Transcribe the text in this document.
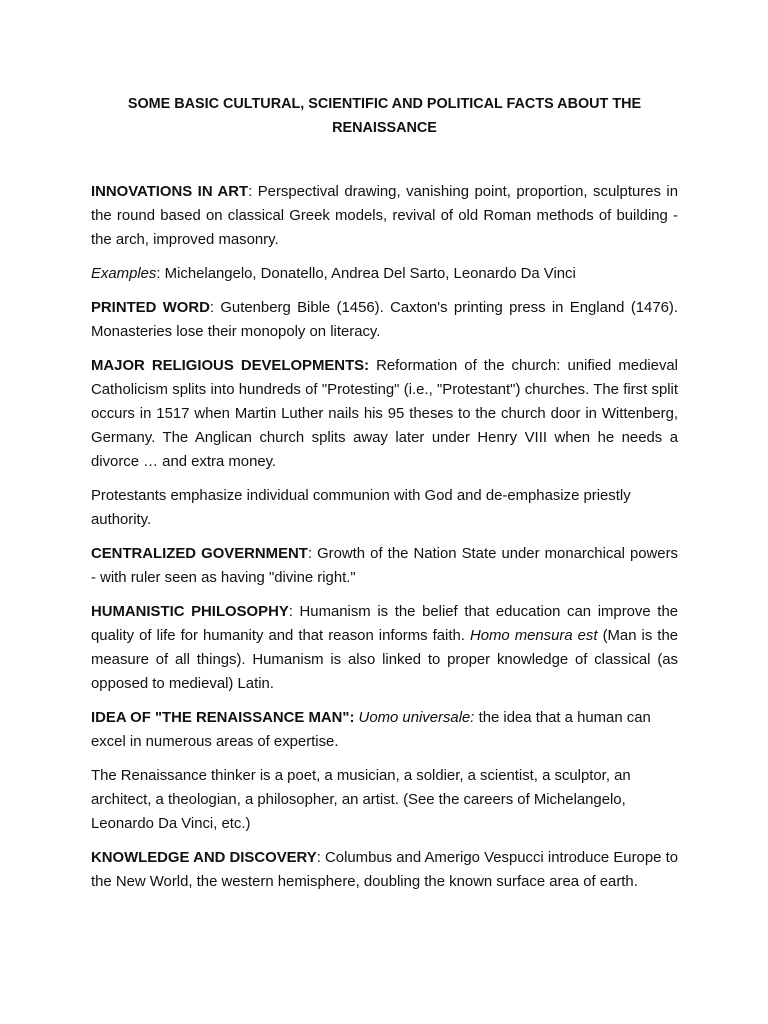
SOME BASIC CULTURAL, SCIENTIFIC AND POLITICAL FACTS ABOUT THE
RENAISSANCE

INNOVATIONS IN ART: Perspectival drawing, vanishing point, proportion, sculptures in the round based on classical Greek models, revival of old Roman methods of building - the arch, improved masonry.

Examples: Michelangelo, Donatello, Andrea Del Sarto, Leonardo Da Vinci

PRINTED WORD: Gutenberg Bible (1456). Caxton's printing press in England (1476). Monasteries lose their monopoly on literacy.

MAJOR RELIGIOUS DEVELOPMENTS: Reformation of the church: unified medieval Catholicism splits into hundreds of "Protesting" (i.e., "Protestant") churches. The first split occurs in 1517 when Martin Luther nails his 95 theses to the church door in Wittenberg, Germany. The Anglican church splits away later under Henry VIII when he needs a divorce … and extra money.

Protestants emphasize individual communion with God and de-emphasize priestly authority.

CENTRALIZED GOVERNMENT: Growth of the Nation State under monarchical powers - with ruler seen as having "divine right."

HUMANISTIC PHILOSOPHY: Humanism is the belief that education can improve the quality of life for humanity and that reason informs faith. Homo mensura est (Man is the measure of all things). Humanism is also linked to proper knowledge of classical (as opposed to medieval) Latin.

IDEA OF "THE RENAISSANCE MAN": Uomo universale: the idea that a human can excel in numerous areas of expertise.

The Renaissance thinker is a poet, a musician, a soldier, a scientist, a sculptor, an architect, a theologian, a philosopher, an artist. (See the careers of Michelangelo, Leonardo Da Vinci, etc.)

KNOWLEDGE AND DISCOVERY: Columbus and Amerigo Vespucci introduce Europe to the New World, the western hemisphere, doubling the known surface area of earth.
